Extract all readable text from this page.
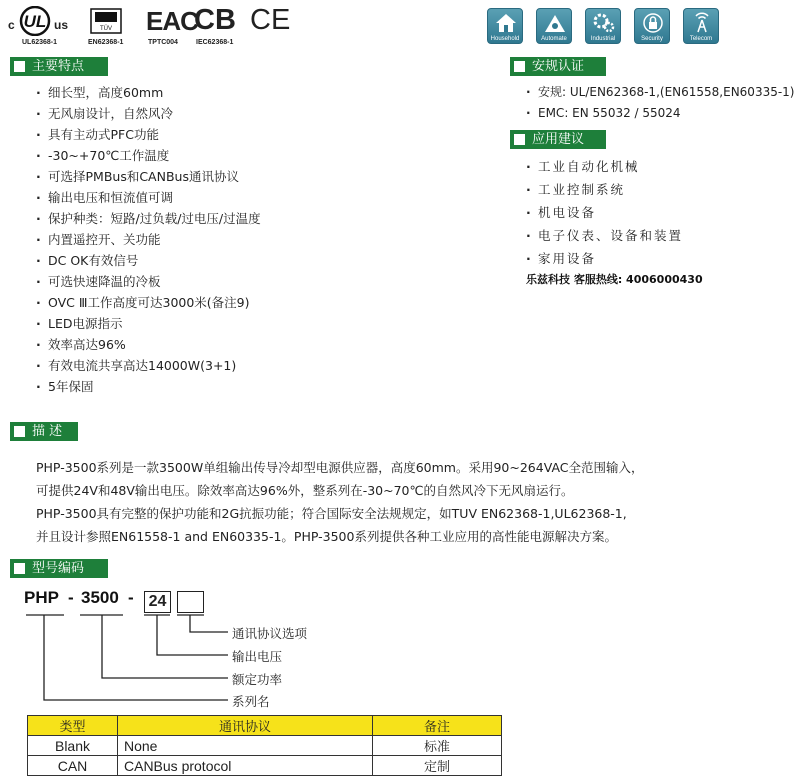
c UL us
UL62368-1
TÜV
EN62368-1
EAC
TPTC004
CB
IEC62368-1
CE
Household	Automate	Industrial	Security	Telecom
主要特点
· 细长型，高度60mm
· 无风扇设计，自然风冷
· 具有主动式PFC功能
· -30~+70℃工作温度
· 可选择PMBus和CANBus通讯协议
· 输出电压和恒流值可调
· 保护种类：短路/过负载/过电压/过温度
· 内置遥控开、关功能
· DC OK有效信号
· 可选快速降温的冷板
· OVC Ⅲ工作高度可达3000米(备注9)
· LED电源指示
· 效率高达96%
· 有效电流共享高达14000W(3+1)
· 5年保固
安规认证
· 安规: UL/EN62368-1,(EN61558,EN60335-1)
· EMC: EN 55032 / 55024
应用建议
· 工业自动化机械
· 工业控制系统
· 机电设备
· 电子仪表、设备和装置
· 家用设备
乐兹科技 客服热线: 4006000430
描 述

PHP-3500系列是一款3500W单组输出传导冷却型电源供应器，高度60mm。采用90~264VAC全范围输入，

可提供24V和48V输出电压。除效率高达96%外，整系列在-30~70℃的自然风冷下无风扇运行。

PHP-3500具有完整的保护功能和2G抗振功能；符合国际安全法规规定，如TUV EN62368-1,UL62368-1,

并且设计参照EN61558-1 and EN60335-1。PHP-3500系列提供各种工业应用的高性能电源解决方案。

型号编码
PHP - 3500 - 24
通讯协议选项
输出电压
额定功率
系列名
类型	通讯协议	备注
Blank	None	标准
CAN	CANBus protocol	定制
